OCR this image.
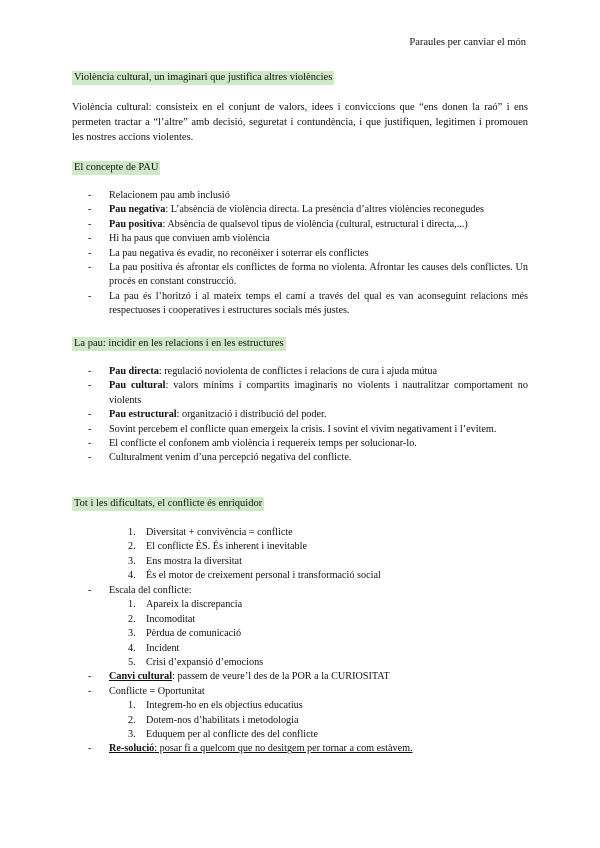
Paraules per canviar el món
Violència cultural, un imaginari que justifica altres violències
Violència cultural: consisteix en el conjunt de valors, idees i conviccions que “ens donen la raó” i ens permeten tractar a “l’altre” amb decisió, seguretat i contundència, i que justifiquen, legitimen i promouen les nostres accions violentes.
El concepte de PAU
- Relacionem pau amb inclusió
- Pau negativa: L’absència de violència directa. La presència d’altres violències reconegudes
- Pau positiva: Absència de qualsevol tipus de violència (cultural, estructural i directa,...)
- Hi ha paus que conviuen amb violència
- La pau negativa és evadir, no reconèixer i soterrar els conflictes
- La pau positiva és afrontar els conflictes de forma no violenta. Afrontar les causes dels conflictes. Un procés en constant construcció.
- La pau és l’horitzó i al mateix temps el camí a través del qual es van aconseguint relacions més respectuoses i cooperatives i estructures socials més justes.
La pau: incidir en les relacions i en les estructures
- Pau directa: regulació noviolenta de conflictes i relacions de cura i ajuda mútua
- Pau cultural: valors mínims i compartits imaginaris no violents i nautralitzar comportament no violents
- Pau estructural: organització i distribució del poder.
- Sovint percebem el conflicte quan emergeix la crisis. I sovint el vivim negativament i l’evitem.
- El conflicte el confonem amb violència i requereix temps per solucionar-lo.
- Culturalment venim d’una percepció negativa del conflicte.
Tot i les dificultats, el conflicte és enriquidor
1. Diversitat + convivència = conflicte
2. El conflicte ÉS. És inherent i inevitable
3. Ens mostra la diversitat
4. És el motor de creixement personal i transformació social
- Escala del conflicte:
1. Apareix la discrepancia
2. Incomoditat
3. Pèrdua de comunicació
4. Incident
5. Crisi d’expansió d’emocions
- Canvi cultural: passem de veure’l des de la POR a la CURIOSITAT
- Conflicte = Oportunitat
1. Integrem-ho en els objectius educatius
2. Dotem-nos d’habilitats i metodologia
3. Eduquem per al conflicte des del conflicte
- Re-solució: posar fi a quelcom que no desitgem per tornar a com estàvem.
